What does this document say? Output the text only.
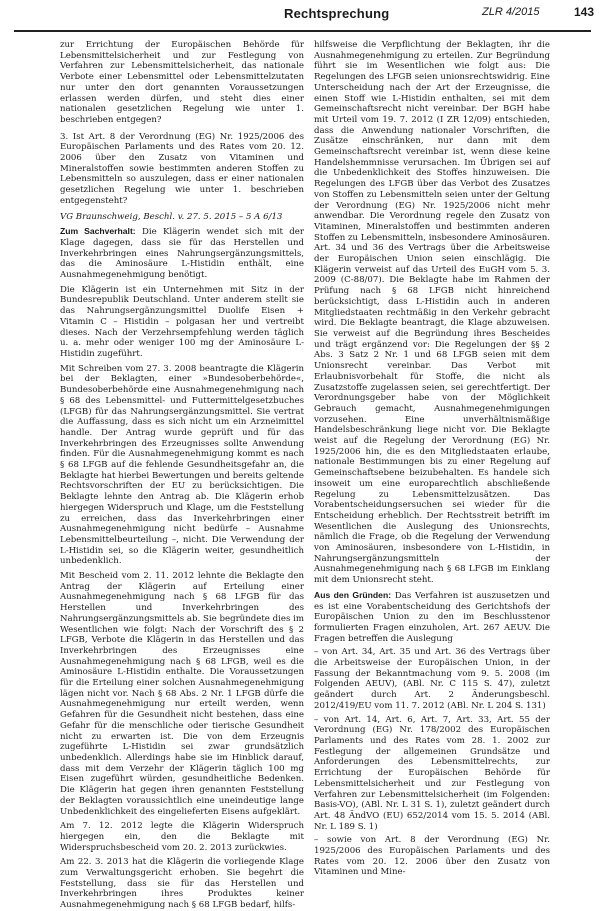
Rechtsprechung	ZLR 4/2015	143

zur Errichtung der Europäischen Behörde für Lebensmittelsicherheit und zur Festlegung von Verfahren zur Lebensmittelsicherheit, das nationale Verbote einer Lebensmittel oder Lebensmittelzutaten nur unter den dort genannten Voraussetzungen erlassen werden dürfen, und steht dies einer nationalen gesetzlichen Regelung wie unter 1. beschrieben entgegen?

3. Ist Art. 8 der Verordnung (EG) Nr. 1925/2006 des Europäischen Parlaments und des Rates vom 20. 12. 2006 über den Zusatz von Vitaminen und Mineralstoffen sowie bestimmten anderen Stoffen zu Lebensmitteln so auszulegen, dass er einer nationalen gesetzlichen Regelung wie unter 1. beschrieben entgegensteht?

VG Braunschweig, Beschl. v. 27. 5. 2015 – 5 A 6/13

Zum Sachverhalt: Die Klägerin wendet sich mit der Klage dagegen, dass sie für das Herstellen und Inverkehrbringen eines Nahrungsergänzungsmittels, das die Aminosäure L-Histidin enthält, eine Ausnahmegenehmigung benötigt.

Die Klägerin ist ein Unternehmen mit Sitz in der Bundesrepublik Deutschland. Unter anderem stellt sie das Nahrungsergänzungsmittel Duolife Eisen + Vitamin C – Histidin – polgasan her und vertreibt dieses. Nach der Verzehrsempfehlung werden täglich u. a. mehr oder weniger 100 mg der Aminosäure L-Histidin zugeführt.

Mit Schreiben vom 27. 3. 2008 beantragte die Klägerin bei der Beklagten, einer »Bundesoberbehörde«, Bundesoberbehörde eine Ausnahmegenehmigung nach § 68 des Lebensmittel- und Futtermittelgesetzbuches (LFGB) für das Nahrungsergänzungsmittel. Sie vertrat die Auffassung, dass es sich nicht um ein Arzneimittel handle. Der Antrag wurde geprüft und für das Inverkehrbringen des Erzeugnisses sollte Anwendung finden. Für die Ausnahmegenehmigung kommt es nach § 68 LFGB auf die fehlende Gesundheitsgefahr an, die Beklagte hat hierbei Bewertungen und bereits geltende Rechtsvorschriften der EU zu berücksichtigen. Die Beklagte lehnte den Antrag ab. Die Klägerin erhob hiergegen Widerspruch und Klage, um die Feststellung zu erreichen, dass das Inverkehrbringen einer Ausnahmegenehmigung nicht bedürfe – Ausnahme Lebensmittelbeurteilung –, nicht. Die Verwendung der L-Histidin sei, so die Klägerin weiter, gesundheitlich unbedenklich.

Mit Bescheid vom 2. 11. 2012 lehnte die Beklagte den Antrag der Klägerin auf Erteilung einer Ausnahmegenehmigung nach § 68 LFGB für das Herstellen und Inverkehrbringen des Nahrungsergänzungsmittels ab. Sie begründete dies im Wesentlichen wie folgt: Nach der Vorschrift des § 2 LFGB, Verbote die Klägerin in das Herstellen und das Inverkehrbringen des Erzeugnisses eine Ausnahmegenehmigung nach § 68 LFGB, weil es die Aminosäure L-Histidin enthalte. Die Voraussetzungen für die Erteilung einer solchen Ausnahmegenehmigung lägen nicht vor. Nach § 68 Abs. 2 Nr. 1 LFGB dürfe die Ausnahmegenehmigung nur erteilt werden, wenn Gefahren für die Gesundheit nicht bestehen, dass eine Gefahr für die menschliche oder tierische Gesundheit nicht zu erwarten ist. Die von dem Erzeugnis zugeführte L-Histidin sei zwar grundsätzlich unbedenklich. Allerdings habe sie im Hinblick darauf, dass mit dem Verzehr der Klägerin täglich 100 mg Eisen zugeführt würden, gesundheitliche Bedenken. Die Klägerin hat gegen ihren genannten Feststellung der Beklagten voraussichtlich eine uneindeutige lange Unbedenklichkeit des eingelieferten Eisens aufgeklärt.

Am 7. 12. 2012 legte die Klägerin Widerspruch hiergegen ein, den die Beklagte mit Widerspruchsbescheid vom 20. 2. 2013 zurückwies.

Am 22. 3. 2013 hat die Klägerin die vorliegende Klage zum Verwaltungsgericht erhoben. Sie begehrt die Feststellung, dass sie für das Herstellen und Inverkehrbringen ihres Produktes keiner Ausnahmegenehmigung nach § 68 LFGB bedarf, hilfs-

hilfsweise die Verpflichtung der Beklagten, ihr die Ausnahmegenehmigung zu erteilen. Zur Begründung führt sie im Wesentlichen wie folgt aus: Die Regelungen des LFGB seien unionsrechtswidrig. Eine Unterscheidung nach der Art der Erzeugnisse, die einen Stoff wie L-Histidin enthalten, sei mit dem Gemeinschaftsrecht nicht vereinbar. Der BGH habe mit Urteil vom 19. 7. 2012 (I ZR 12/09) entschieden, dass die Anwendung nationaler Vorschriften, die Zusätze einschränken, nur dann mit dem Gemeinschaftsrecht vereinbar ist, wenn diese keine Handelshemmnisse verursachen. Im Übrigen sei auf die Unbedenklichkeit des Stoffes hinzuweisen. Die Regelungen des LFGB über das Verbot des Zusatzes von Stoffen zu Lebensmitteln seien unter der Geltung der Verordnung (EG) Nr. 1925/2006 nicht mehr anwendbar. Die Verordnung regele den Zusatz von Vitaminen, Mineralstoffen und bestimmten anderen Stoffen zu Lebensmitteln, insbesondere Aminosäuren. Art. 34 und 36 des Vertrags über die Arbeitsweise der Europäischen Union seien einschlägig. Die Klägerin verweist auf das Urteil des EuGH vom 5. 3. 2009 (C-88/07). Die Beklagte habe im Rahmen der Prüfung nach § 68 LFGB nicht hinreichend berücksichtigt, dass L-Histidin auch in anderen Mitgliedstaaten rechtmäßig in den Verkehr gebracht wird. Die Beklagte beantragt, die Klage abzuweisen. Sie verweist auf die Begründung ihres Bescheides und trägt ergänzend vor: Die Regelungen der §§ 2 Abs. 3 Satz 2 Nr. 1 und 68 LFGB seien mit dem Unionsrecht vereinbar. Das Verbot mit Erlaubnisvorbehalt für Stoffe, die nicht als Zusatzstoffe zugelassen seien, sei gerechtfertigt. Der Verordnungsgeber habe von der Möglichkeit Gebrauch gemacht, Ausnahmegenehmigungen vorzusehen. Eine unverhältnismäßige Handelsbeschränkung liege nicht vor. Die Beklagte weist auf die Regelung der Verordnung (EG) Nr. 1925/2006 hin, die es den Mitgliedstaaten erlaube, nationale Bestimmungen bis zu einer Regelung auf Gemeinschaftsebene beizubehalten. Es handele sich insoweit um eine europarechtlich abschließende Regelung zu Lebensmittelzusätzen. Das Vorabentscheidungsersuchen sei wieder für die Entscheidung erheblich. Der Rechtsstreit betrifft im Wesentlichen die Auslegung des Unionsrechts, nämlich die Frage, ob die Regelung der Verwendung von Aminosäuren, insbesondere von L-Histidin, in Nahrungsergänzungsmitteln der Ausnahmegenehmigung nach § 68 LFGB im Einklang mit dem Unionsrecht steht.

Aus den Gründen: Das Verfahren ist auszusetzen und es ist eine Vorabentscheidung des Gerichtshofs der Europäischen Union zu den im Beschlusstenor formulierten Fragen einzuholen, Art. 267 AEUV. Die Fragen betreffen die Auslegung

– von Art. 34, Art. 35 und Art. 36 des Vertrags über die Arbeitsweise der Europäischen Union, in der Fassung der Bekanntmachung vom 9. 5. 2008 (im Folgenden AEUV), (ABl. Nr. C 115 S. 47), zuletzt geändert durch Art. 2 Änderungsbeschl. 2012/419/EU vom 11. 7. 2012 (ABl. Nr. L 204 S. 131)

– von Art. 14, Art. 6, Art. 7, Art. 33, Art. 55 der Verordnung (EG) Nr. 178/2002 des Europäischen Parlaments und des Rates vom 28. 1. 2002 zur Festlegung der allgemeinen Grundsätze und Anforderungen des Lebensmittelrechts, zur Errichtung der Europäischen Behörde für Lebensmittelsicherheit und zur Festlegung von Verfahren zur Lebensmittelsicherheit (im Folgenden: Basis-VO), (ABl. Nr. L 31 S. 1), zuletzt geändert durch Art. 48 ÄndVO (EU) 652/2014 vom 15. 5. 2014 (ABl. Nr. L 189 S. 1)

– sowie von Art. 8 der Verordnung (EG) Nr. 1925/2006 des Europäischen Parlaments und des Rates vom 20. 12. 2006 über den Zusatz von Vitaminen und Mine-
